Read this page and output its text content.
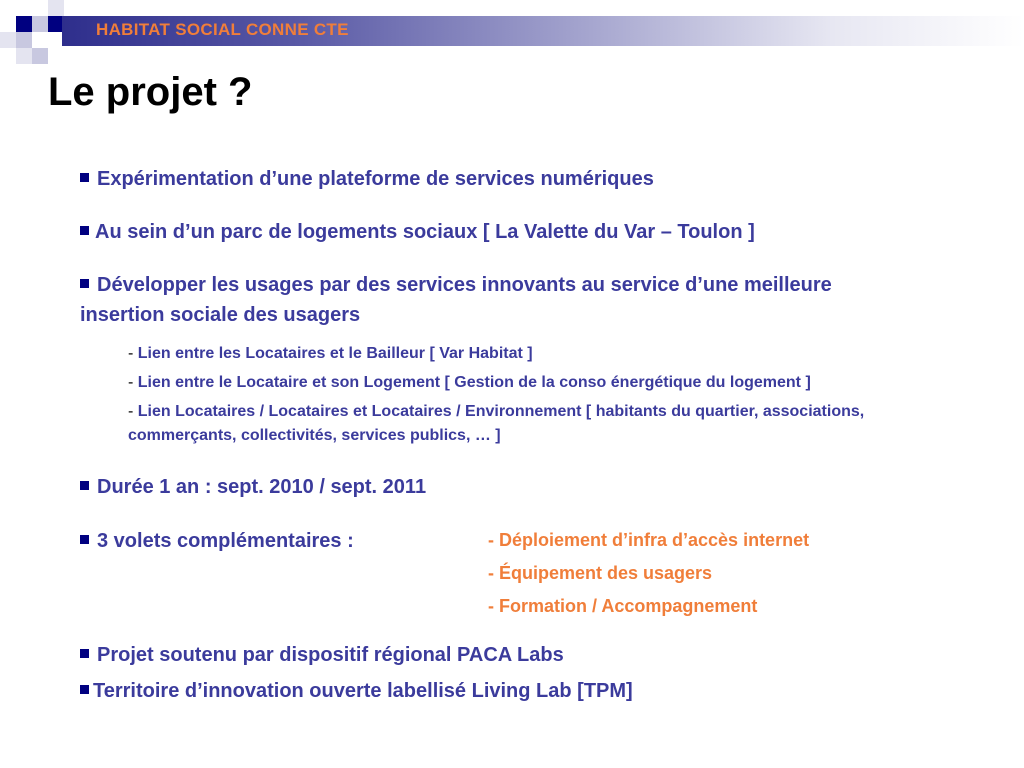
HABITAT SOCIAL CONNE CTE
Le projet ?
Expérimentation d’une plateforme de services numériques
Au sein d’un parc de logements sociaux [ La Valette du Var – Toulon ]
Développer les usages par des services innovants au service d’une meilleure insertion sociale des usagers
- Lien entre les Locataires et le Bailleur [ Var Habitat ]
- Lien entre le Locataire et son Logement [ Gestion de la conso énergétique du logement ]
- Lien Locataires / Locataires et Locataires / Environnement [ habitants du quartier, associations, commerçants, collectivités, services publics, … ]
Durée 1 an : sept. 2010 / sept. 2011
3 volets complémentaires :	- Déploiement d’infra d’accès internet
- Équipement des usagers
- Formation / Accompagnement
Projet soutenu par dispositif régional PACA Labs
Territoire d’innovation ouverte labellisé Living Lab [TPM]
